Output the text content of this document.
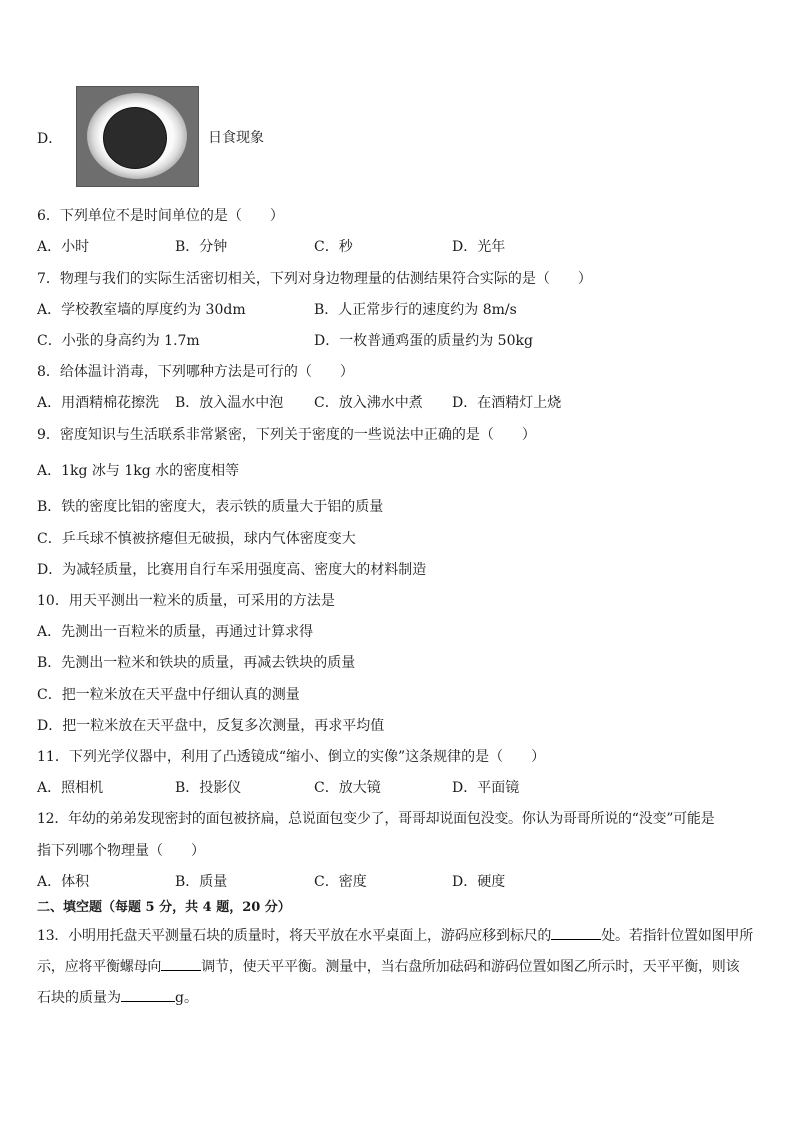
D．	日食现象
6．下列单位不是时间单位的是（　　）
A．小时	B．分钟	C．秒	D．光年
7．物理与我们的实际生活密切相关，下列对身边物理量的估测结果符合实际的是（　　）
A．学校教室墙的厚度约为 30dm	B．人正常步行的速度约为 8m/s
C．小张的身高约为 1.7m	D．一枚普通鸡蛋的质量约为 50kg
8．给体温计消毒，下列哪种方法是可行的（　　）
A．用酒精棉花擦洗 B．放入温水中泡 C．放入沸水中煮 D．在酒精灯上烧
9．密度知识与生活联系非常紧密，下列关于密度的一些说法中正确的是（　　）
A．1kg 冰与 1kg 水的密度相等
B．铁的密度比铝的密度大，表示铁的质量大于铝的质量
C．乒乓球不慎被挤瘪但无破损，球内气体密度变大
D．为减轻质量，比赛用自行车采用强度高、密度大的材料制造
10．用天平测出一粒米的质量，可采用的方法是
A．先测出一百粒米的质量，再通过计算求得
B．先测出一粒米和铁块的质量，再减去铁块的质量
C．把一粒米放在天平盘中仔细认真的测量
D．把一粒米放在天平盘中，反复多次测量，再求平均值
11．下列光学仪器中，利用了凸透镜成“缩小、倒立的实像”这条规律的是（　　）
A．照相机	B．投影仪	C．放大镜	D．平面镜
12．年幼的弟弟发现密封的面包被挤扁，总说面包变少了，哥哥却说面包没变。你认为哥哥所说的“没变”可能是
指下列哪个物理量（　　）
A．体积	B．质量	C．密度	D．硬度
二、填空题（每题 5 分，共 4 题，20 分）
13．小明用托盘天平测量石块的质量时，将天平放在水平桌面上，游码应移到标尺的	处。若指针位置如图甲所
示，应将平衡螺母向	调节，使天平平衡。测量中，当右盘所加砝码和游码位置如图乙所示时，天平平衡，则该
石块的质量为	g。
